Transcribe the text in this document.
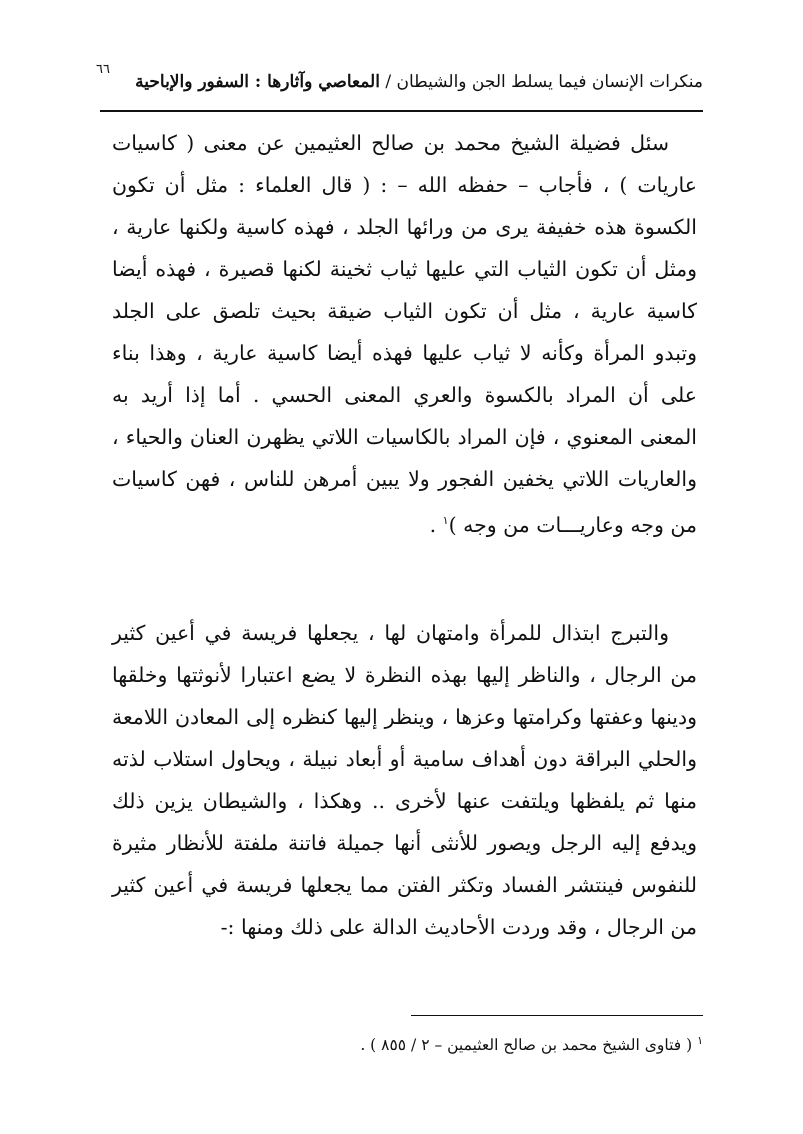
٦٦
منكرات الإنسان فيما يسلط الجن والشيطان / المعاصي وآثارها : السفور والإباحية
سئل فضيلة الشيخ محمد بن صالح العثيمين عن معنى ( كاسيات عاريات ) ، فأجاب – حفظه الله – : ( قال العلماء : مثل أن تكون الكسوة هذه خفيفة يرى من ورائها الجلد ، فهذه كاسية ولكنها عارية ، ومثل أن تكون الثياب التي عليها ثياب ثخينة لكنها قصيرة ، فهذه أيضا كاسية عارية ، مثل أن تكون الثياب ضيقة بحيث تلصق على الجلد وتبدو المرأة وكأنه لا ثياب عليها فهذه أيضا كاسية عارية ، وهذا بناء على أن المراد بالكسوة والعري المعنى الحسي . أما إذا أريد به المعنى المعنوي ، فإن المراد بالكاسيات اللاتي يظهرن العنان والحياء ، والعاريات اللاتي يخفين الفجور ولا يبين أمرهن للناس ، فهن كاسيات من وجه وعاريـــات من وجه )$^١$ .
والتبرج ابتذال للمرأة وامتهان لها ، يجعلها فريسة في أعين كثير من الرجال ، والناظر إليها بهذه النظرة لا يضع اعتبارا لأنوثتها وخلقها ودينها وعفتها وكرامتها وعزها ، وينظر إليها كنظره إلى المعادن اللامعة والحلي البراقة دون أهداف سامية أو أبعاد نبيلة ، ويحاول استلاب لذته منها ثم يلفظها ويلتفت عنها لأخرى .. وهكذا ، والشيطان يزين ذلك ويدفع إليه الرجل ويصور للأنثى أنها جميلة فاتنة ملفتة للأنظار مثيرة للنفوس فينتشر الفساد وتكثر الفتن مما يجعلها فريسة في أعين كثير من الرجال ، وقد وردت الأحاديث الدالة على ذلك ومنها :-
$^١$ ( فتاوى الشيخ محمد بن صالح العثيمين – ٢ / ٨٥٥ ) .
